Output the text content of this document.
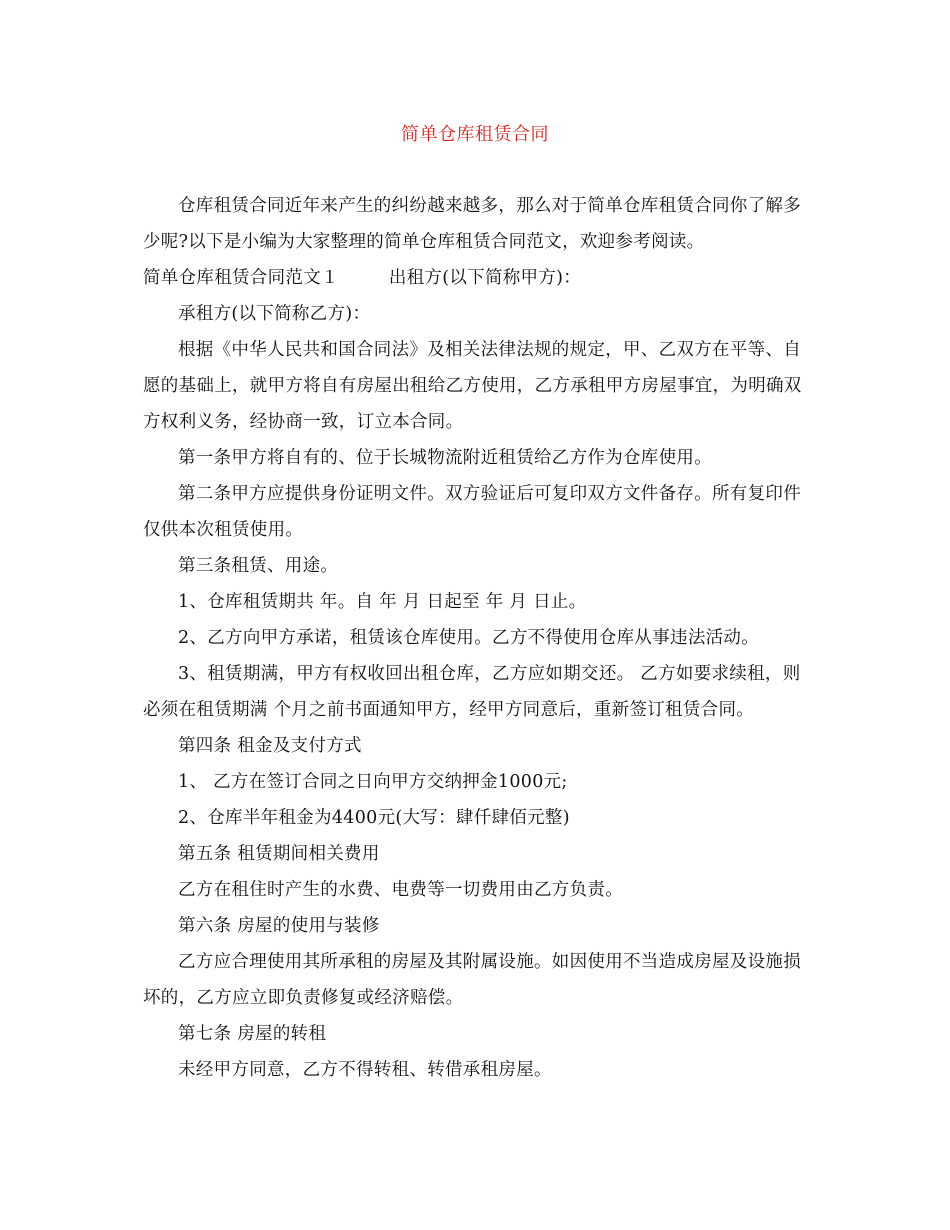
简单仓库租赁合同

仓库租赁合同近年来产生的纠纷越来越多，那么对于简单仓库租赁合同你了解多少呢?以下是小编为大家整理的简单仓库租赁合同范文，欢迎参考阅读。

简单仓库租赁合同范文１	出租方(以下简称甲方)：

承租方(以下简称乙方)：

根据《中华人民共和国合同法》及相关法律法规的规定，甲、乙双方在平等、自愿的基础上，就甲方将自有房屋出租给乙方使用，乙方承租甲方房屋事宜，为明确双方权利义务，经协商一致，订立本合同。

第一条甲方将自有的、位于长城物流附近租赁给乙方作为仓库使用。

第二条甲方应提供身份证明文件。双方验证后可复印双方文件备存。所有复印件仅供本次租赁使用。

第三条租赁、用途。

1、仓库租赁期共 年。自 年 月 日起至 年 月 日止。

2、乙方向甲方承诺，租赁该仓库使用。乙方不得使用仓库从事违法活动。

3、租赁期满，甲方有权收回出租仓库，乙方应如期交还。 乙方如要求续租，则必须在租赁期满 个月之前书面通知甲方，经甲方同意后，重新签订租赁合同。

第四条 租金及支付方式

1、 乙方在签订合同之日向甲方交纳押金1000元;

2、仓库半年租金为4400元(大写：肆仟肆佰元整)

第五条 租赁期间相关费用

乙方在租住时产生的水费、电费等一切费用由乙方负责。

第六条 房屋的使用与装修

乙方应合理使用其所承租的房屋及其附属设施。如因使用不当造成房屋及设施损坏的，乙方应立即负责修复或经济赔偿。

第七条 房屋的转租

未经甲方同意，乙方不得转租、转借承租房屋。
